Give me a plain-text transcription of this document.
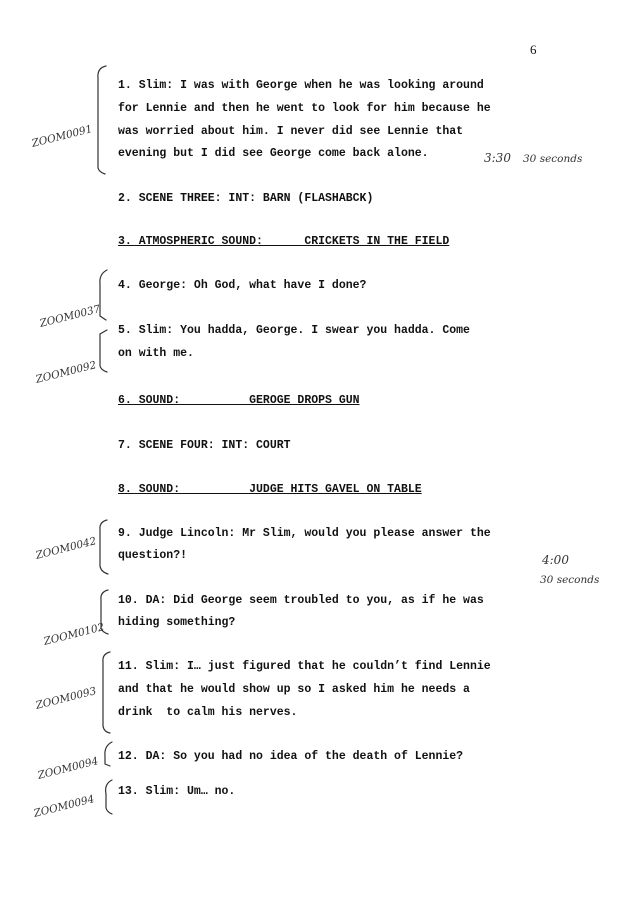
6
1. Slim: I was with George when he was looking around
for Lennie and then he went to look for him because he
was worried about him. I never did see Lennie that
evening but I did see George come back alone.
2. SCENE THREE: INT: BARN (FLASHABCK)
3. ATMOSPHERIC SOUND:      CRICKETS IN THE FIELD
4. George: Oh God, what have I done?
5. Slim: You hadda, George. I swear you hadda. Come
on with me.
6. SOUND:          GEROGE DROPS GUN
7. SCENE FOUR: INT: COURT
8. SOUND:          JUDGE HITS GAVEL ON TABLE
9. Judge Lincoln: Mr Slim, would you please answer the
question?!
10. DA: Did George seem troubled to you, as if he was
hiding something?
11. Slim: I… just figured that he couldn’t find Lennie
and that he would show up so I asked him he needs a
drink  to calm his nerves.
12. DA: So you had no idea of the death of Lennie?
13. Slim: Um… no.
ZOOM0091
3:30 30 seconds
ZOOM0037
ZOOM0092
ZOOM0042	4:00
30 seconds
ZOOM0102
ZOOM0093
ZOOM0094
ZOOM0094
